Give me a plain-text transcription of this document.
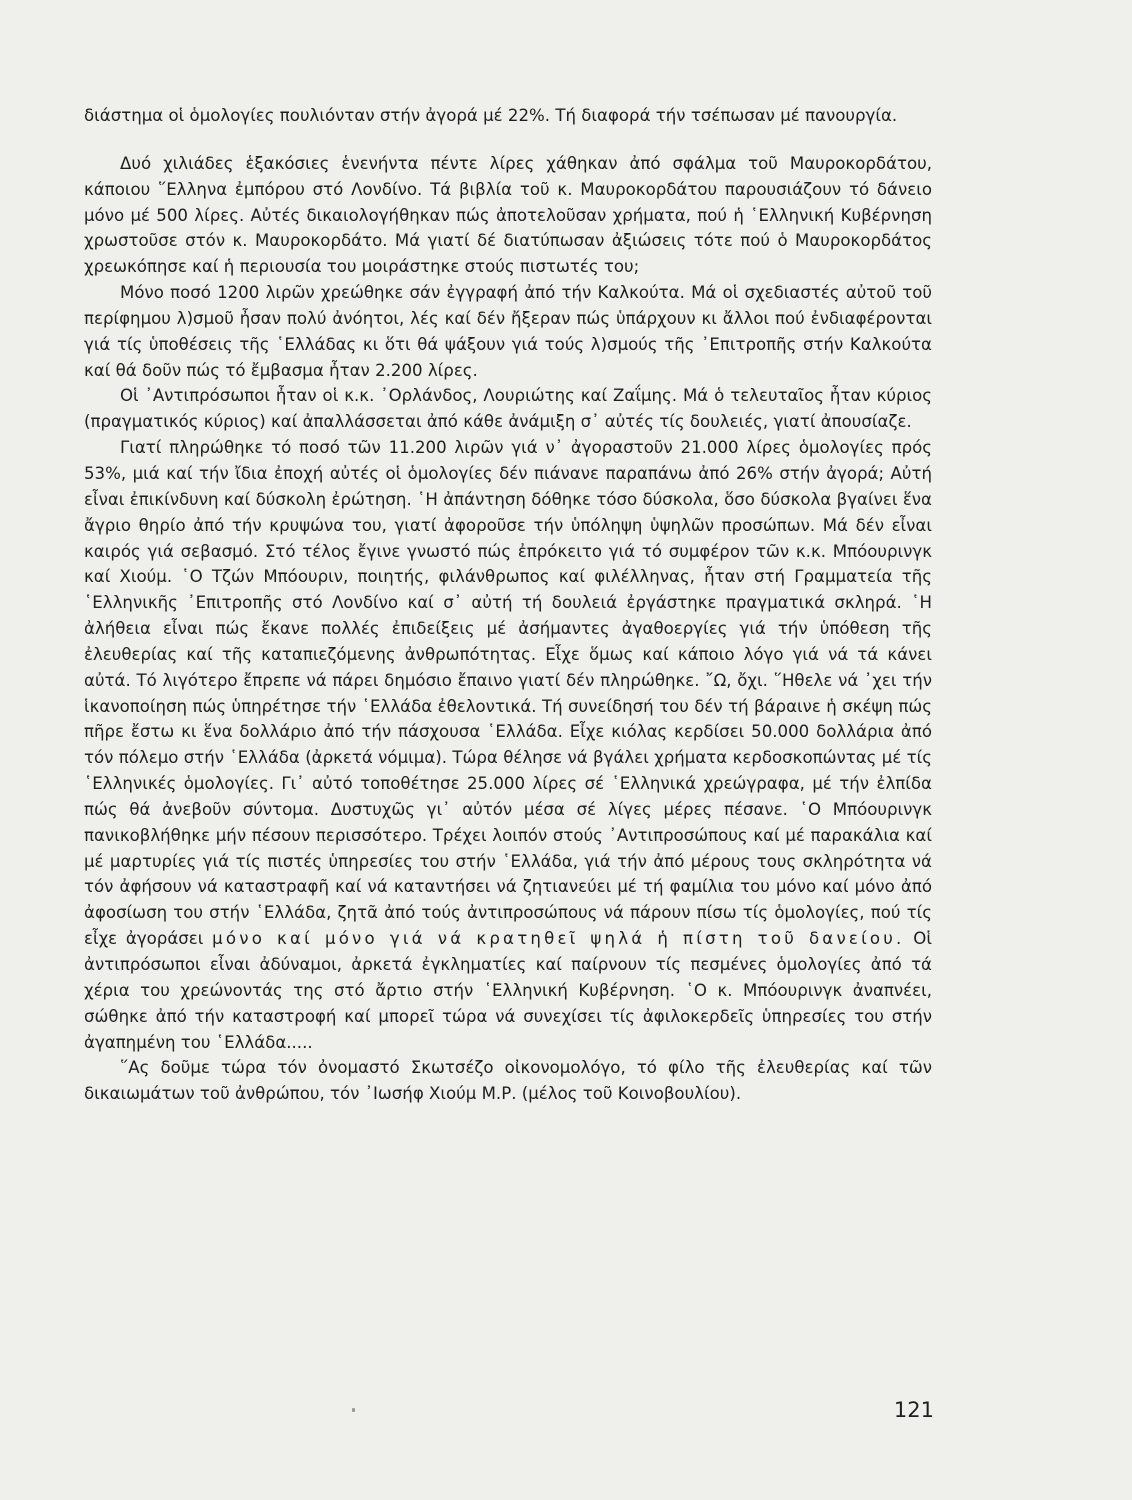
διάστημα οἱ ὁμολογίες πουλιόνταν στήν ἀγορά μέ 22%. Τή διαφορά τήν τσέπωσαν μέ πανουργία.

Δυό χιλιάδες ἑξακόσιες ἑνενήντα πέντε λίρες χάθηκαν ἀπό σφάλμα τοῦ Μαυροκορδάτου, κάποιου ῞Ελληνα ἐμπόρου στό Λονδίνο. Τά βιβλία τοῦ κ. Μαυροκορδάτου παρουσιάζουν τό δάνειο μόνο μέ 500 λίρες. Αὐτές δικαιολογήθηκαν πώς ἀποτελοῦσαν χρήματα, πού ἡ ῾Ελληνική Κυβέρνηση χρωστοῦσε στόν κ. Μαυροκορδάτο. Μά γιατί δέ διατύπωσαν ἀξιώσεις τότε πού ὁ Μαυροκορδάτος χρεωκόπησε καί ἡ περιουσία του μοιράστηκε στούς πιστωτές του;

Μόνο ποσό 1200 λιρῶν χρεώθηκε σάν ἐγγραφή ἀπό τήν Καλκούτα. Μά οἱ σχεδιαστές αὐτοῦ τοῦ περίφημου λ)σμοῦ ἦσαν πολύ ἀνόητοι, λές καί δέν ἤξεραν πώς ὑπάρχουν κι ἄλλοι πού ἐνδιαφέρονται γιά τίς ὑποθέσεις τῆς ῾Ελλάδας κι ὅτι θά ψάξουν γιά τούς λ)σμούς τῆς ᾽Επιτροπῆς στήν Καλκούτα καί θά δοῦν πώς τό ἔμβασμα ἦταν 2.200 λίρες.

Οἱ ᾽Αντιπρόσωποι ἦταν οἱ κ.κ. ᾽Ορλάνδος, Λουριώτης καί Ζαΐμης. Μά ὁ τελευταῖος ἦταν κύριος (πραγματικός κύριος) καί ἀπαλλάσσεται ἀπό κάθε ἀνάμιξη σ᾽ αὐτές τίς δουλειές, γιατί ἀπουσίαζε.

Γιατί πληρώθηκε τό ποσό τῶν 11.200 λιρῶν γιά ν᾽ ἀγοραστοῦν 21.000 λίρες ὁμολογίες πρός 53%, μιά καί τήν ἴδια ἐποχή αὐτές οἱ ὁμολογίες δέν πιάνανε παραπάνω ἀπό 26% στήν ἀγορά; Αὐτή εἶναι ἐπικίνδυνη καί δύσκολη ἐρώτηση. ῾Η ἀπάντηση δόθηκε τόσο δύσκολα, ὅσο δύσκολα βγαίνει ἕνα ἄγριο θηρίο ἀπό τήν κρυψώνα του, γιατί ἀφοροῦσε τήν ὑπόληψη ὑψηλῶν προσώπων. Μά δέν εἶναι καιρός γιά σεβασμό. Στό τέλος ἔγινε γνωστό πώς ἐπρόκειτο γιά τό συμφέρον τῶν κ.κ. Μπόουρινγκ καί Χιούμ. ῾Ο Τζών Μπόουριν, ποιητής, φιλάνθρωπος καί φιλέλληνας, ἦταν στή Γραμματεία τῆς ῾Ελληνικῆς ᾽Επιτροπῆς στό Λονδίνο καί σ᾽ αὐτή τή δουλειά ἐργάστηκε πραγματικά σκληρά. ῾Η ἀλήθεια εἶναι πώς ἔκανε πολλές ἐπιδείξεις μέ ἀσήμαντες ἀγαθοεργίες γιά τήν ὑπόθεση τῆς ἐλευθερίας καί τῆς καταπιεζόμενης ἀνθρωπότητας. Εἶχε ὅμως καί κάποιο λόγο γιά νά τά κάνει αὐτά. Τό λιγότερο ἔπρεπε νά πάρει δημόσιο ἔπαινο γιατί δέν πληρώθηκε. ῎Ω, ὄχι. ῞Ηθελε νά ᾽χει τήν ἱκανοποίηση πώς ὑπηρέτησε τήν ῾Ελλάδα ἐθελοντικά. Τή συνείδησή του δέν τή βάραινε ἡ σκέψη πώς πῆρε ἔστω κι ἕνα δολλάριο ἀπό τήν πάσχουσα ῾Ελλάδα. Εἶχε κιόλας κερδίσει 50.000 δολλάρια ἀπό τόν πόλεμο στήν ῾Ελλάδα (ἀρκετά νόμιμα). Τώρα θέλησε νά βγάλει χρήματα κερδοσκοπώντας μέ τίς ῾Ελληνικές ὁμολογίες. Γι᾽ αὐτό τοποθέτησε 25.000 λίρες σέ ῾Ελληνικά χρεώγραφα, μέ τήν ἐλπίδα πώς θά ἀνεβοῦν σύντομα. Δυστυχῶς γι᾽ αὐτόν μέσα σέ λίγες μέρες πέσανε. ῾Ο Μπόουρινγκ πανικοβλήθηκε μήν πέσουν περισσότερο. Τρέχει λοιπόν στούς ᾽Αντιπροσώπους καί μέ παρακάλια καί μέ μαρτυρίες γιά τίς πιστές ὑπηρεσίες του στήν ῾Ελλάδα, γιά τήν ἀπό μέρους τους σκληρότητα νά τόν ἀφήσουν νά καταστραφῆ καί νά καταντήσει νά ζητιανεύει μέ τή φαμίλια του μόνο καί μόνο ἀπό ἀφοσίωση του στήν ῾Ελλάδα, ζητᾶ ἀπό τούς ἀντιπροσώπους νά πάρουν πίσω τίς ὁμολογίες, πού τίς εἶχε ἀγοράσει μόνο καί μόνο γιά νά κρατηθεῖ ψηλά ἡ πίστη τοῦ δανείου. Οἱ ἀντιπρόσωποι εἶναι ἀδύναμοι, ἀρκετά ἐγκληματίες καί παίρνουν τίς πεσμένες ὁμολογίες ἀπό τά χέρια του χρεώνοντάς της στό ἄρτιο στήν ῾Ελληνική Κυβέρνηση. ῾Ο κ. Μπόουρινγκ ἀναπνέει, σώθηκε ἀπό τήν καταστροφή καί μπορεῖ τώρα νά συνεχίσει τίς ἀφιλοκερδεῖς ὑπηρεσίες του στήν ἀγαπημένη του ῾Ελλάδα.....

῞Ας δοῦμε τώρα τόν ὀνομαστό Σκωτσέζο οἰκονομολόγο, τό φίλο τῆς ἐλευθερίας καί τῶν δικαιωμάτων τοῦ ἀνθρώπου, τόν ᾽Ιωσήφ Χιούμ Μ.Ρ. (μέλος τοῦ Κοινοβουλίου).

121
